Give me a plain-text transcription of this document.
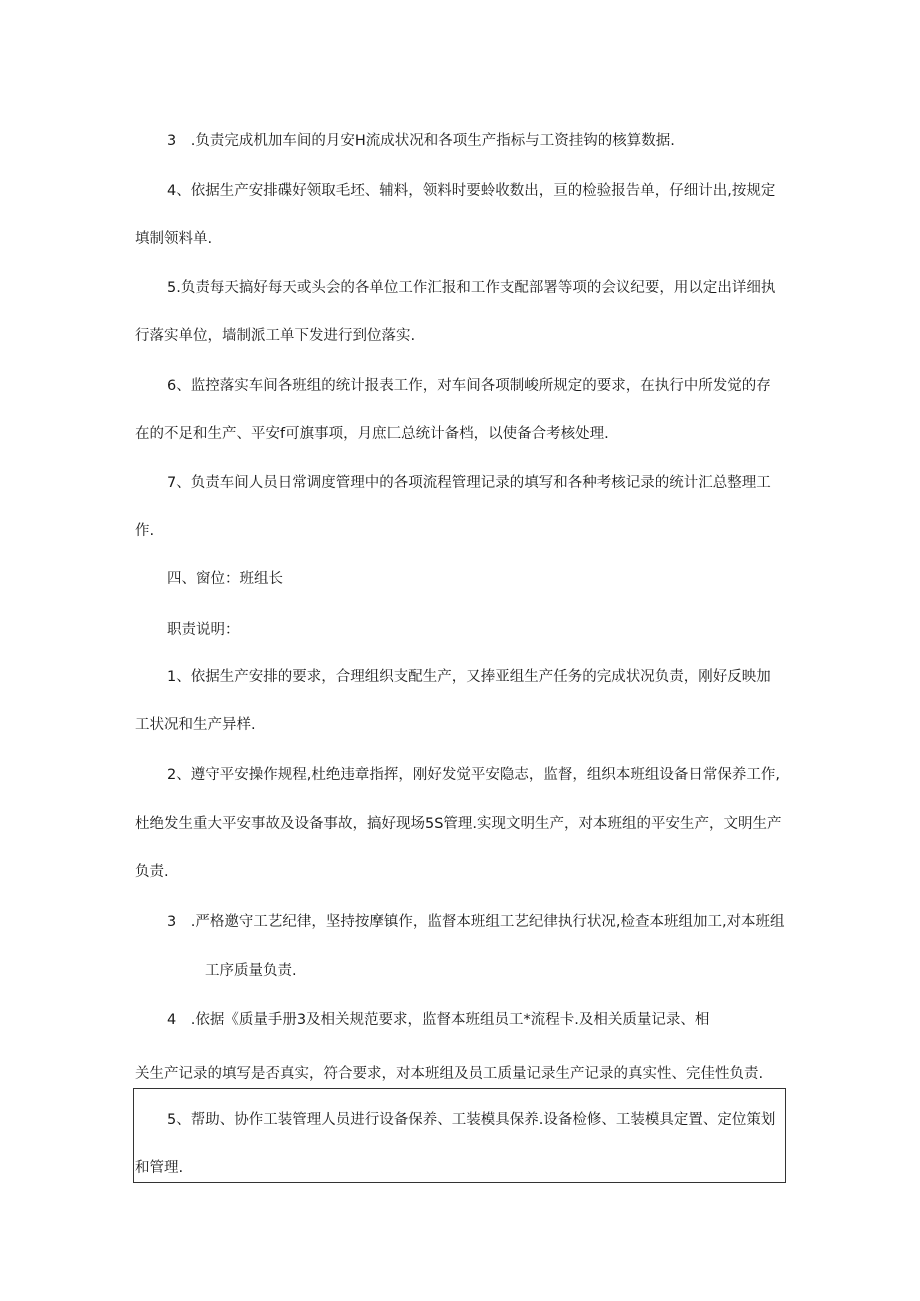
3　.负责完成机加车间的月安H流成状况和各项生产指标与工资挂钩的核算数据.
4、依据生产安排碟好领取毛坯、辅料，领料时要蛉收数出，亘的检验报告单，仔细计出,按规定
填制领料单.
5.负责每天搞好每天或头会的各单位工作汇报和工作支配部署等项的会议纪要，用以定出详细执
行落实单位，墙制派工单下发进行到位落实.
6、监控落实车间各班组的统计报表工作，对车间各项制峻所规定的要求，在执行中所发觉的存
在的不足和生产、平安f可旗事项，月庶匚总统计备档，以使备合考核处理.
7、负责车间人员日常调度管理中的各项流程管理记录的填写和各种考核记录的统计汇总整理工
作.
四、窗位：班组长
职责说明：
1、依据生产安排的要求，合理组织支配生产，又捧亚组生产任务的完成状况负责，刚好反映加
工状况和生产异样.
2、遵守平安操作规程,杜绝违章指挥，刚好发觉平安隐志，监督，组织本班组设备日常保养工作,
杜绝发生重大平安事故及设备事故，搞好现场5S管理.实现文明生产，对本班组的平安生产，文明生产
负责.
3　.严格邀守工艺纪律，坚持按摩镇作，监督本班组工艺纪律执行状况,检查本班组加工,对本班组
工序质量负责.
4　.依据《质量手册3及相关规范要求，监督本班组员工*流程卡.及相关质量记录、相
关生产记录的填写是否真实，符合要求，对本班组及员工质量记录生产记录的真实性、完佳性负责.
5、帮助、协作工装管理人员进行设备保养、工装模具保养.设备检修、工装模具定置、定位策划
和管理.
